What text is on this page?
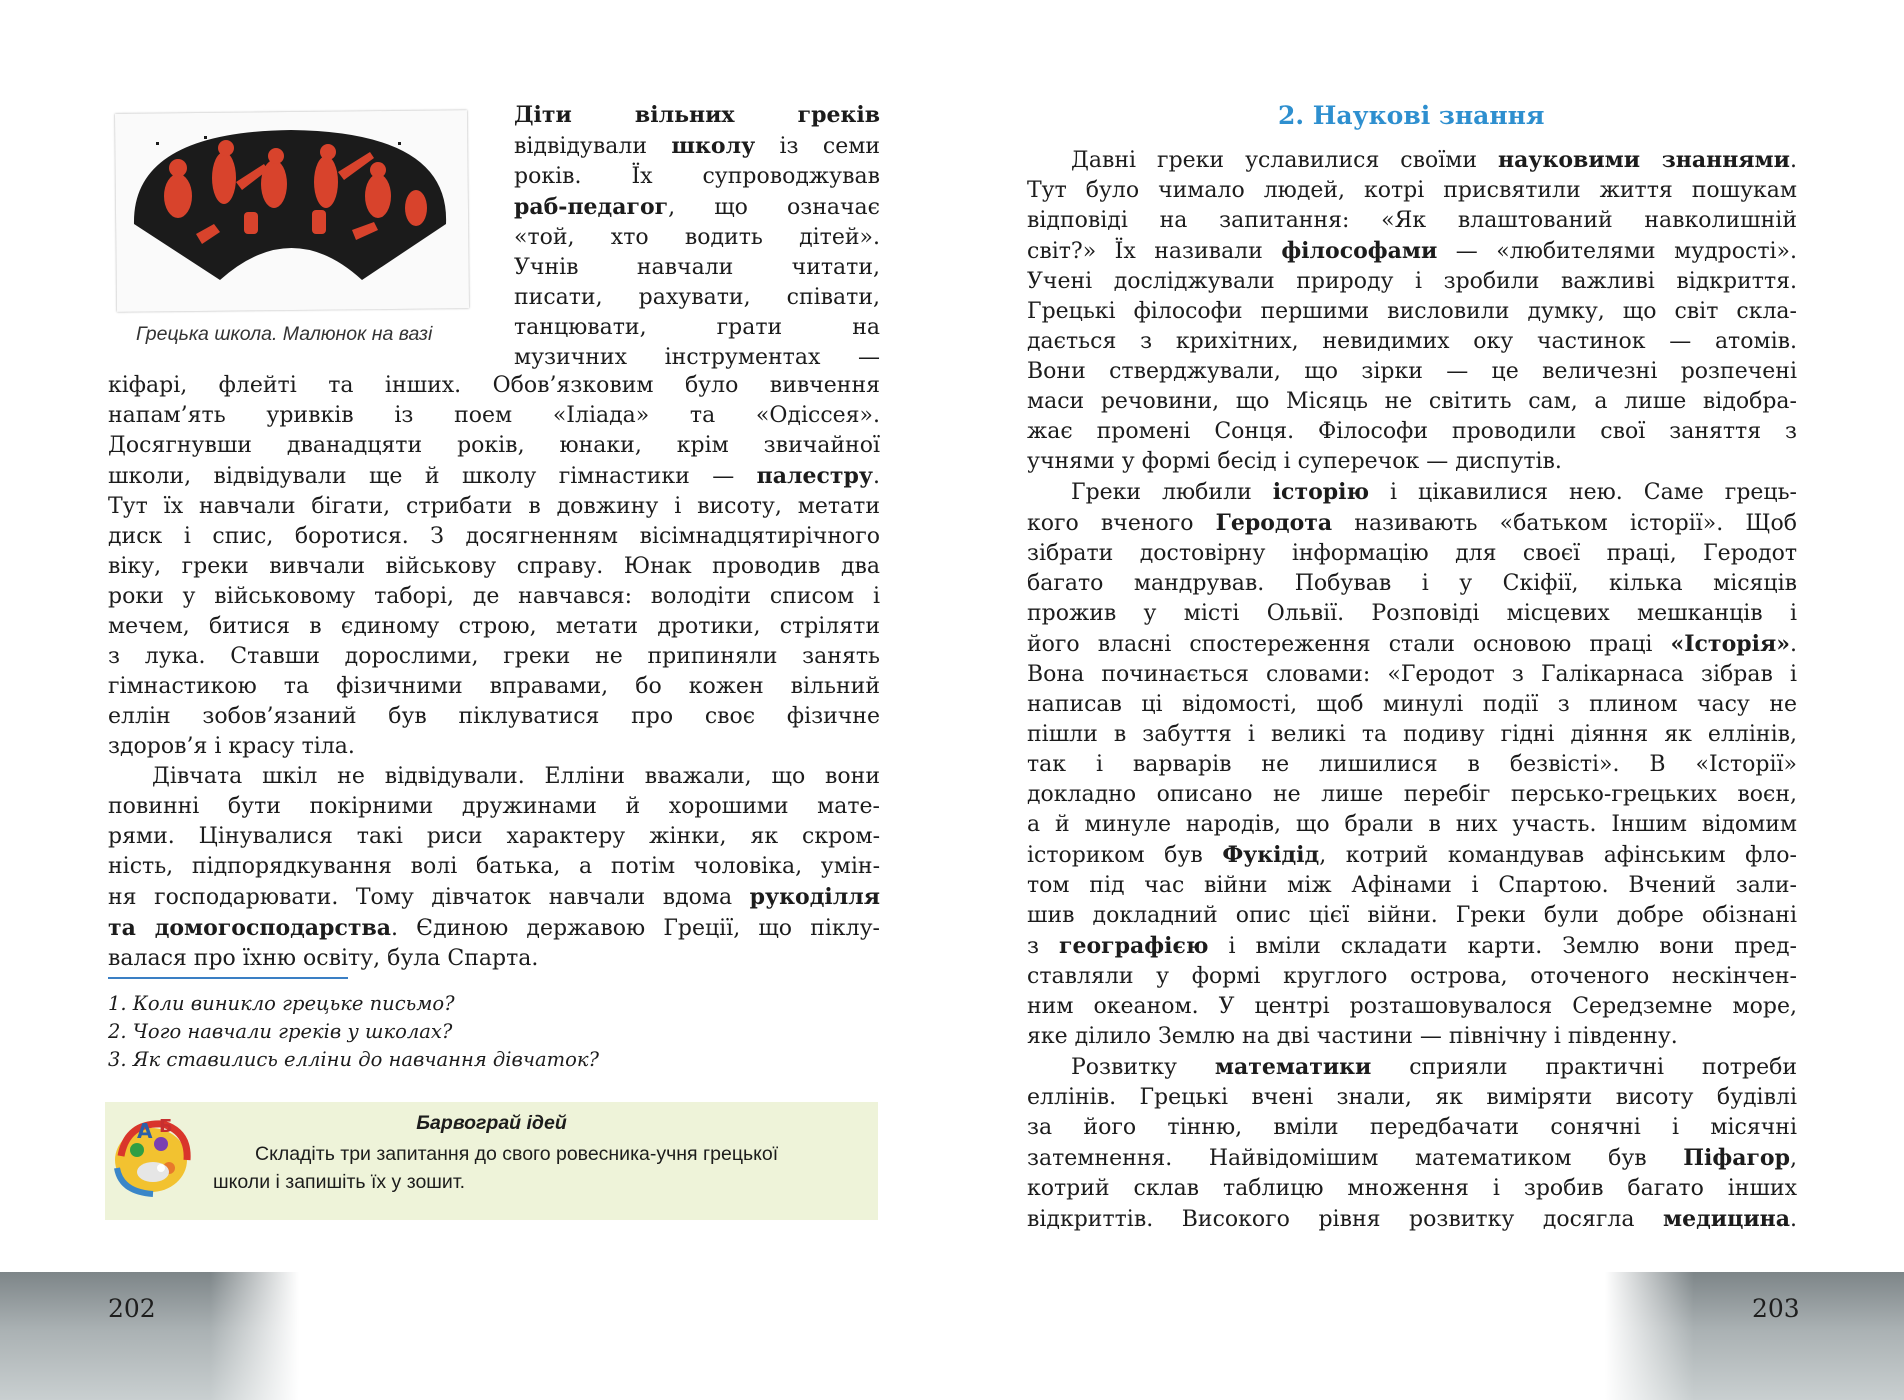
Грецька школа. Малюнок на вазі

Діти вільних греків

відвідували школу із семи

років. Їх супроводжував

раб-педагог, що означає

«той, хто водить дітей».

Учнів навчали читати,

писати, рахувати, співати,

танцювати, грати на

музичних інструментах —

кіфарі, флейті та інших. Обов’язковим було вивчення

напам’ять уривків із поем «Іліада» та «Одіссея».

Досягнувши дванадцяти років, юнаки, крім звичайної

школи, відвідували ще й школу гімнастики — палестру.

Тут їх навчали бігати, стрибати в довжину і висоту, метати

диск і спис, боротися. З досягненням вісімнадцятирічного

віку, греки вивчали військову справу. Юнак проводив два

роки у військовому таборі, де навчався: володіти списом і

мечем, битися в єдиному строю, метати дротики, стріляти

з лука. Ставши дорослими, греки не припиняли занять

гімнастикою та фізичними вправами, бо кожен вільний

еллін зобов’язаний був піклуватися про своє фізичне

здоров’я і красу тіла.

Дівчата шкіл не відвідували. Елліни вважали, що вони

повинні бути покірними дружинами й хорошими мате-

рями. Цінувалися такі риси характеру жінки, як скром-

ність, підпорядкування волі батька, а потім чоловіка, умін-

ня господарювати. Тому дівчаток навчали вдома рукоділля

та домогосподарства. Єдиною державою Греції, що піклу-

валася про їхню освіту, була Спарта.

1. Коли виникло грецьке письмо?
2. Чого навчали греків у школах?
3. Як ставились елліни до навчання дівчаток?
А Б	Барвограй ідей
Складіть три запитання до свого ровесника-учня грецької
школи і запишіть їх у зошит.
2. Наукові знання

Давні греки уславилися своїми науковими знаннями.

Тут було чимало людей, котрі присвятили життя пошукам

відповіді на запитання: «Як влаштований навколишній

світ?» Їх називали філософами — «любителями мудрості».

Учені досліджували природу і зробили важливі відкриття.

Грецькі філософи першими висловили думку, що світ скла-

дається з крихітних, невидимих оку частинок — атомів.

Вони стверджували, що зірки — це величезні розпечені

маси речовини, що Місяць не світить сам, а лише відобра-

жає промені Сонця. Філософи проводили свої заняття з

учнями у формі бесід і суперечок — диспутів.

Греки любили історію і цікавилися нею. Саме грець-

кого вченого Геродота називають «батьком історії». Щоб

зібрати достовірну інформацію для своєї праці, Геродот

багато мандрував. Побував і у Скіфії, кілька місяців

прожив у місті Ольвії. Розповіді місцевих мешканців і

його власні спостереження стали основою праці «Історія».

Вона починається словами: «Геродот з Галікарнаса зібрав і

написав ці відомості, щоб минулі події з плином часу не

пішли в забуття і великі та подиву гідні діяння як еллінів,

так і варварів не лишилися в безвісті». В «Історії»

докладно описано не лише перебіг персько-грецьких воєн,

а й минуле народів, що брали в них участь. Іншим відомим

істориком був Фукідід, котрий командував афінським фло-

том під час війни між Афінами і Спартою. Вчений зали-

шив докладний опис цієї війни. Греки були добре обізнані

з географією і вміли складати карти. Землю вони пред-

ставляли у формі круглого острова, оточеного нескінчен-

ним океаном. У центрі розташовувалося Середземне море,

яке ділило Землю на дві частини — північну і південну.

Розвитку математики сприяли практичні потреби

еллінів. Грецькі вчені знали, як виміряти висоту будівлі

за його тінню, вміли передбачати сонячні і місячні

затемнення. Найвідомішим математиком був Піфагор,

котрий склав таблицю множення і зробив багато інших

відкриттів. Високого рівня розвитку досягла медицина.

202	203
